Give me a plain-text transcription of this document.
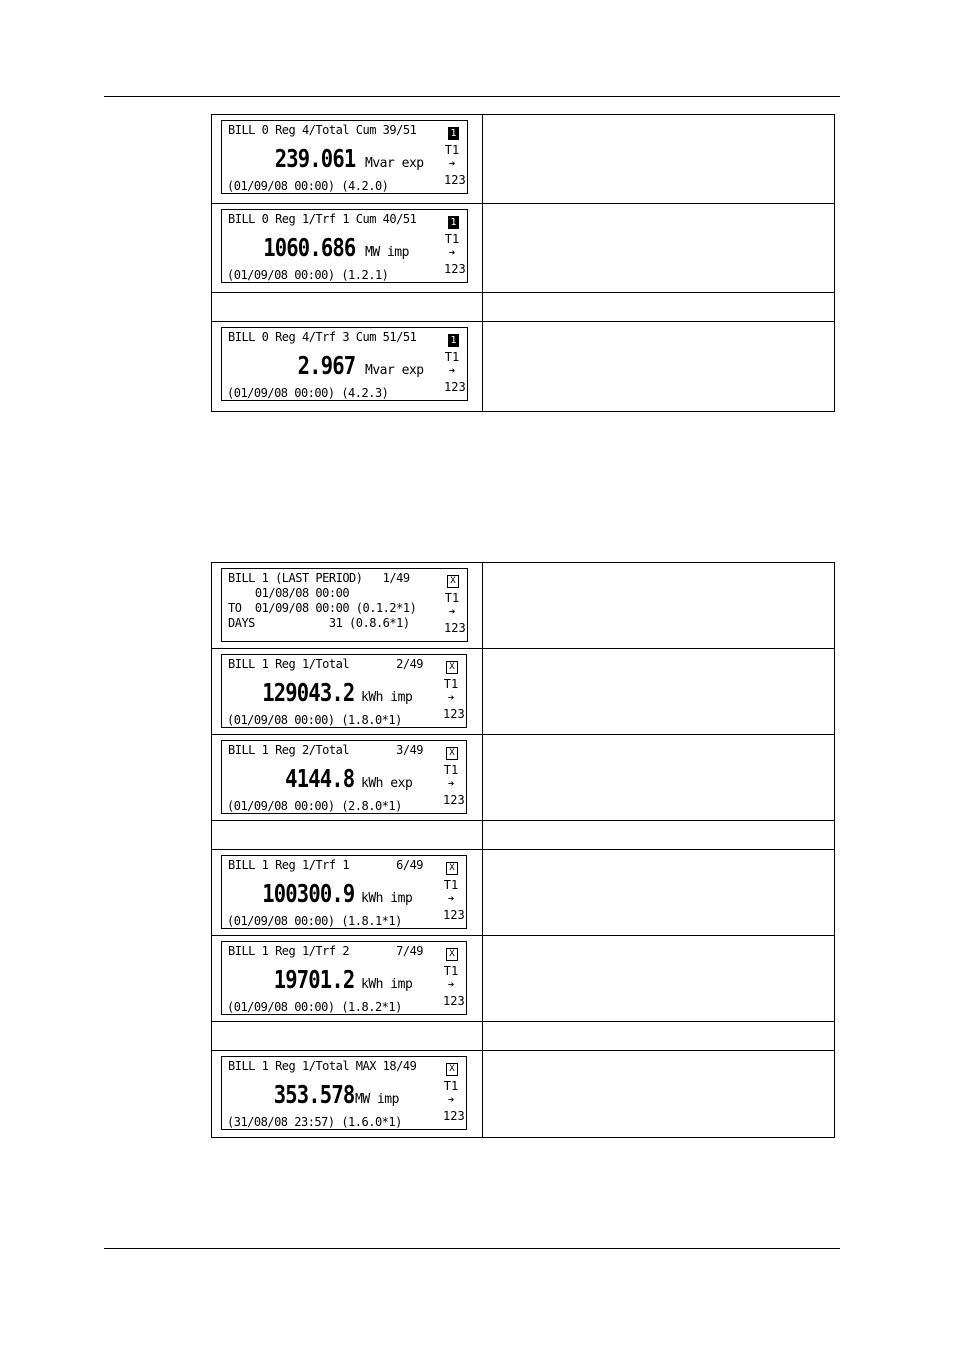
BILL 0 Reg 4/Total Cum 39/51
239.061 Mvar exp
(01/09/08 00:00) (4.2.0)
1
T1
➔
123
BILL 0 Reg 1/Trf 1 Cum 40/51
1060.686 MW imp
(01/09/08 00:00) (1.2.1)
1
T1
➔
123
BILL 0 Reg 4/Trf 3 Cum 51/51
2.967 Mvar exp
(01/09/08 00:00) (4.2.3)
1
T1
➔
123
BILL 1 (LAST PERIOD)   1/49
01/08/08 00:00
TO  01/09/08 00:00 (0.1.2*1)
DAYS           31 (0.8.6*1)
X
T1
➔
123
BILL 1 Reg 1/Total       2/49
129043.2 kWh imp
(01/09/08 00:00) (1.8.0*1)
X
T1
➔
123
BILL 1 Reg 2/Total       3/49
4144.8 kWh exp
(01/09/08 00:00) (2.8.0*1)
X
T1
➔
123
BILL 1 Reg 1/Trf 1       6/49
100300.9 kWh imp
(01/09/08 00:00) (1.8.1*1)
X
T1
➔
123
BILL 1 Reg 1/Trf 2       7/49
19701.2 kWh imp
(01/09/08 00:00) (1.8.2*1)
X
T1
➔
123
BILL 1 Reg 1/Total MAX 18/49
353.578 MW imp
(31/08/08 23:57) (1.6.0*1)
X
T1
➔
123
